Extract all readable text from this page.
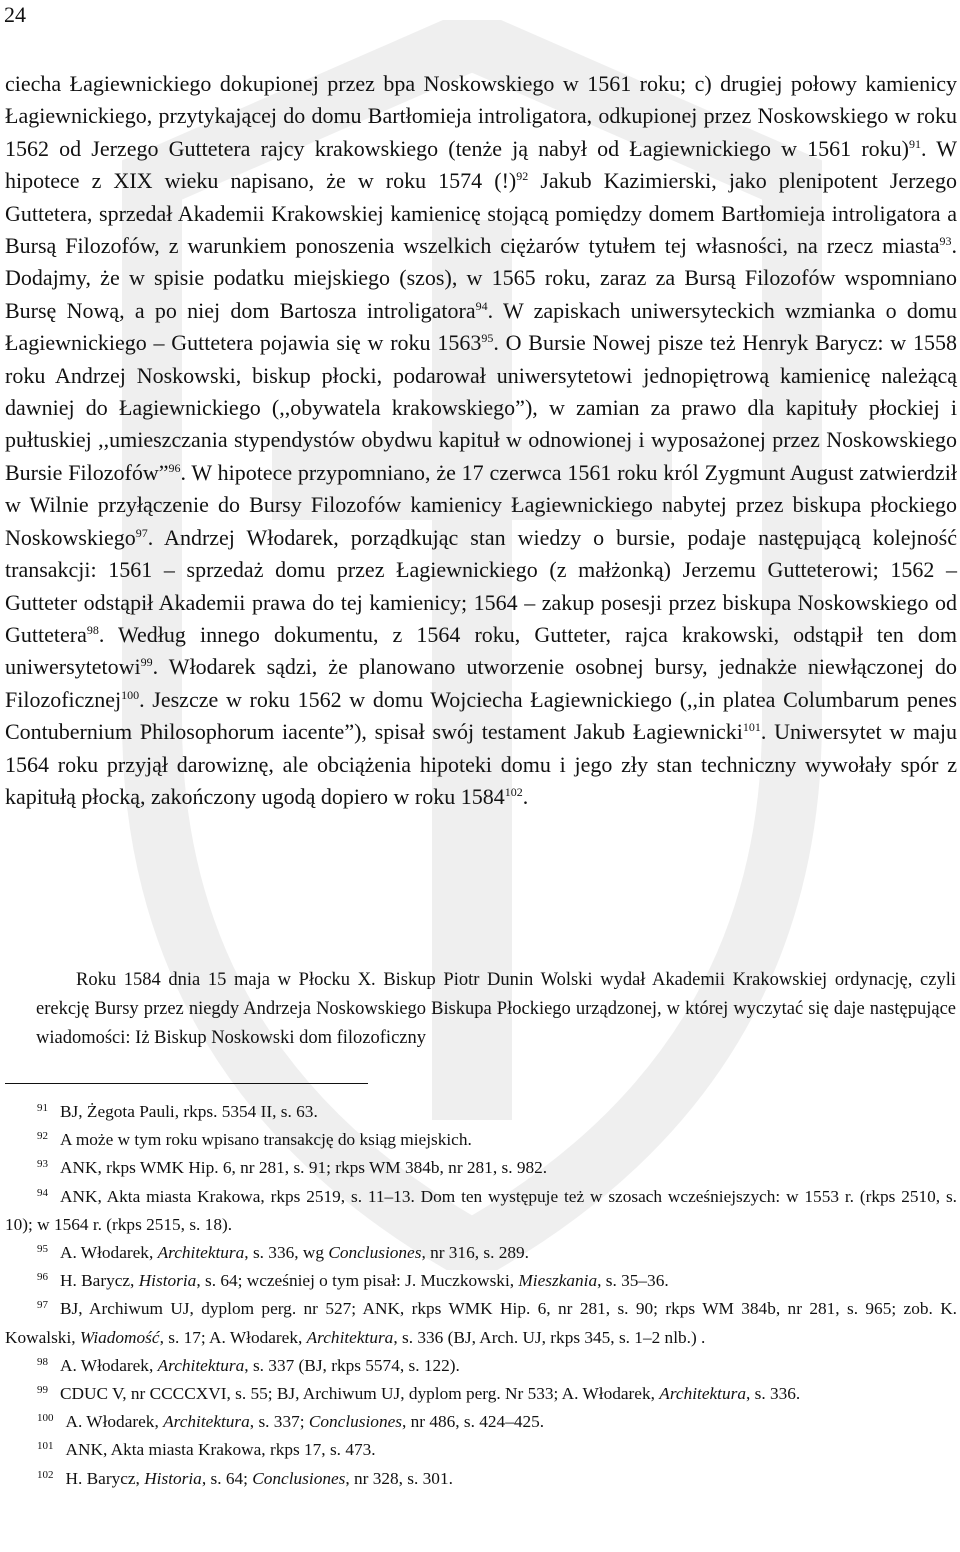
24

ciecha Łagiewnickiego dokupionej przez bpa Noskowskiego w 1561 roku; c) drugiej połowy kamienicy Łagiewnickiego, przytykającej do domu Bartłomieja introligatora, odkupionej przez Noskowskiego w roku 1562 od Jerzego Guttetera rajcy krakowskiego (tenże ją nabył od Łagiewnickiego w 1561 roku)$^{91}$. W hipotece z XIX wieku napisano, że w roku 1574 (!)$^{92}$ Jakub Kazimierski, jako plenipotent Jerzego Guttetera, sprzedał Akademii Krakowskiej kamienicę stojącą pomiędzy domem Bartłomieja introligatora a Bursą Filozofów, z warunkiem ponoszenia wszelkich ciężarów tytułem tej własności, na rzecz miasta$^{93}$. Dodajmy, że w spisie podatku miejskiego (szos), w 1565 roku, zaraz za Bursą Filozofów wspomniano Bursę Nową, a po niej dom Bartosza introligatora$^{94}$. W zapiskach uniwersyteckich wzmianka o domu Łagiewnickiego – Guttetera pojawia się w roku 1563$^{95}$. O Bursie Nowej pisze też Henryk Barycz: w 1558 roku Andrzej Noskowski, biskup płocki, podarował uniwersytetowi jednopiętrową kamienicę należącą dawniej do Łagiewnickiego (,,obywatela krakowskiego”), w zamian za prawo dla kapituły płockiej i pułtuskiej ,,umieszczania stypendystów obydwu kapituł w odnowionej i wyposażonej przez Noskowskiego Bursie Filozofów”$^{96}$. W hipotece przypomniano, że 17 czerwca 1561 roku król Zygmunt August zatwierdził w Wilnie przyłączenie do Bursy Filozofów kamienicy Łagiewnickiego nabytej przez biskupa płockiego Noskowskiego$^{97}$. Andrzej Włodarek, porządkując stan wiedzy o bursie, podaje następującą kolejność transakcji: 1561 – sprzedaż domu przez Łagiewnickiego (z małżonką) Jerzemu Gutteterowi; 1562 – Gutteter odstąpił Akademii prawa do tej kamienicy; 1564 – zakup posesji przez biskupa Noskowskiego od Guttetera$^{98}$. Według innego dokumentu, z 1564 roku, Gutteter, rajca krakowski, odstąpił ten dom uniwersytetowi$^{99}$. Włodarek sądzi, że planowano utworzenie osobnej bursy, jednakże niewłączonej do Filozoficznej$^{100}$. Jeszcze w roku 1562 w domu Wojciecha Łagiewnickiego (,,in platea Columbarum penes Contubernium Philosophorum iacente”), spisał swój testament Jakub Łagiewnicki$^{101}$. Uniwersytet w maju 1564 roku przyjął darowiznę, ale obciążenia hipoteki domu i jego zły stan techniczny wywołały spór z kapitułą płocką, zakończony ugodą dopiero w roku 1584$^{102}$.

Roku 1584 dnia 15 maja w Płocku X. Biskup Piotr Dunin Wolski wydał Akademii Krakowskiej ordynację, czyli erekcję Bursy przez niegdy Andrzeja Noskowskiego Biskupa Płockiego urządzonej, w której wyczytać się daje następujące wiadomości: Iż Biskup Noskowski dom filozoficzny

$^{91}$ BJ, Żegota Pauli, rkps. 5354 II, s. 63.

$^{92}$ A może w tym roku wpisano transakcję do ksiąg miejskich.

$^{93}$ ANK, rkps WMK Hip. 6, nr 281, s. 91; rkps WM 384b, nr 281, s. 982.

$^{94}$ ANK, Akta miasta Krakowa, rkps 2519, s. 11–13. Dom ten występuje też w szosach wcześniejszych: w 1553 r. (rkps 2510, s. 10); w 1564 r. (rkps 2515, s. 18).

$^{95}$ A. Włodarek, Architektura, s. 336, wg Conclusiones, nr 316, s. 289.

$^{96}$ H. Barycz, Historia, s. 64; wcześniej o tym pisał: J. Muczkowski, Mieszkania, s. 35–36.

$^{97}$ BJ, Archiwum UJ, dyplom perg. nr 527; ANK, rkps WMK Hip. 6, nr 281, s. 90; rkps WM 384b, nr 281, s. 965; zob. K. Kowalski, Wiadomość, s. 17; A. Włodarek, Architektura, s. 336 (BJ, Arch. UJ, rkps 345, s. 1–2 nlb.) .

$^{98}$ A. Włodarek, Architektura, s. 337 (BJ, rkps 5574, s. 122).

$^{99}$ CDUC V, nr CCCCXVI, s. 55; BJ, Archiwum UJ, dyplom perg. Nr 533; A. Włodarek, Architektura, s. 336.

$^{100}$ A. Włodarek, Architektura, s. 337; Conclusiones, nr 486, s. 424–425.

$^{101}$ ANK, Akta miasta Krakowa, rkps 17, s. 473.

$^{102}$ H. Barycz, Historia, s. 64; Conclusiones, nr 328, s. 301.
